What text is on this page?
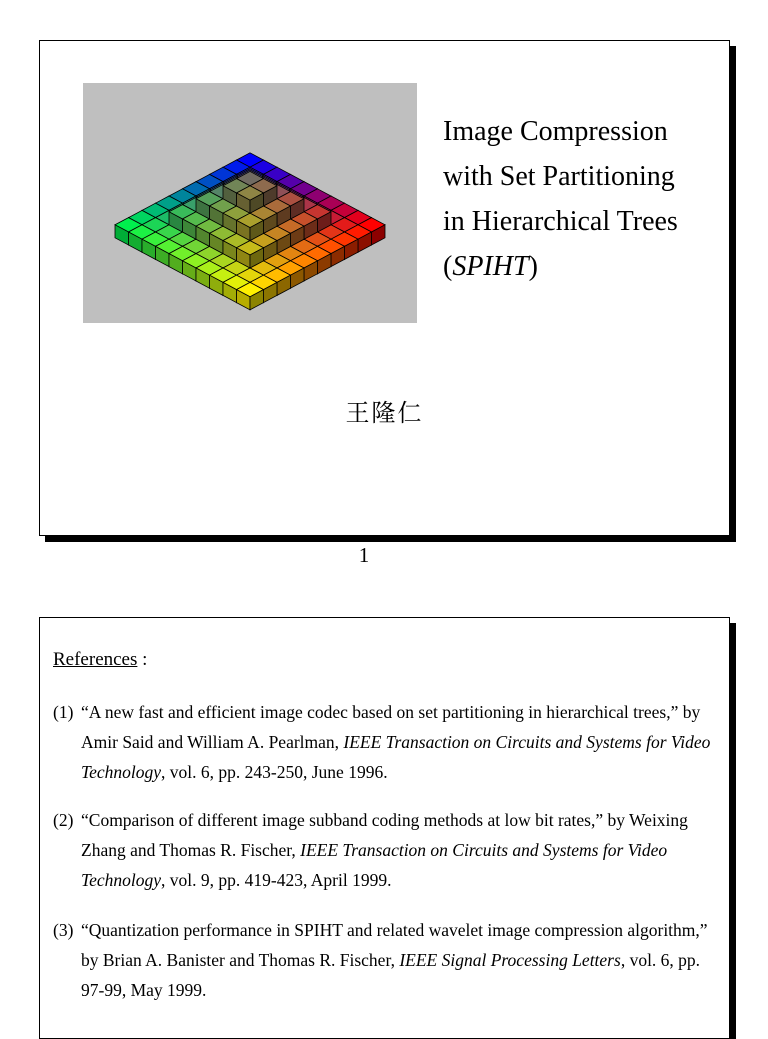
Image Compression
with Set Partitioning
in Hierarchical Trees
(SPIHT)
王隆仁
1
References :
(1) “A new fast and efficient image codec based on set partitioning in hierarchical trees,” by Amir Said and William A. Pearlman, IEEE Transaction on Circuits and Systems for Video Technology, vol. 6, pp. 243-250, June 1996.
(2) “Comparison of different image subband coding methods at low bit rates,” by Weixing Zhang and Thomas R. Fischer, IEEE Transaction on Circuits and Systems for Video Technology, vol. 9, pp. 419-423, April 1999.
(3) “Quantization performance in SPIHT and related wavelet image compression algorithm,” by Brian A. Banister and Thomas R. Fischer, IEEE Signal Processing Letters, vol. 6, pp. 97-99, May 1999.
